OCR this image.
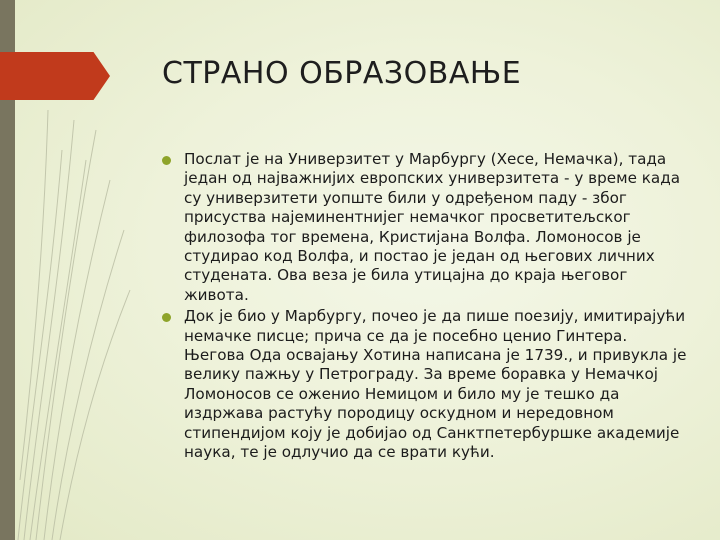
СТРАНО ОБРАЗОВАЊЕ
Послат је на Универзитет у Марбургу (Хесе, Немачка), тада један од најважнијих европских универзитета - у време када су универзитети уопште били у одређеном паду - због присуства најеминентнијег немачког просветитељског филозофа тог времена, Кристијана Волфа. Ломоносов је студирао код Волфа, и постао је један од његових личних студената. Ова веза је била утицајна до краја његовог живота.
Док је био у Марбургу, почео је да пише поезију, имитирајући немачке писце; прича се да је посебно ценио Гинтера. Његова Ода освајању Хотина написана је 1739., и привукла је велику пажњу у Петрограду. За време боравка у Немачкој Ломоносов се оженио Немицом и било му је тешко да издржава растућу породицу оскудном и нередовном стипендијом коју је добијао од Санктпетербуршке академије наука, те је одлучио да се врати кући.
